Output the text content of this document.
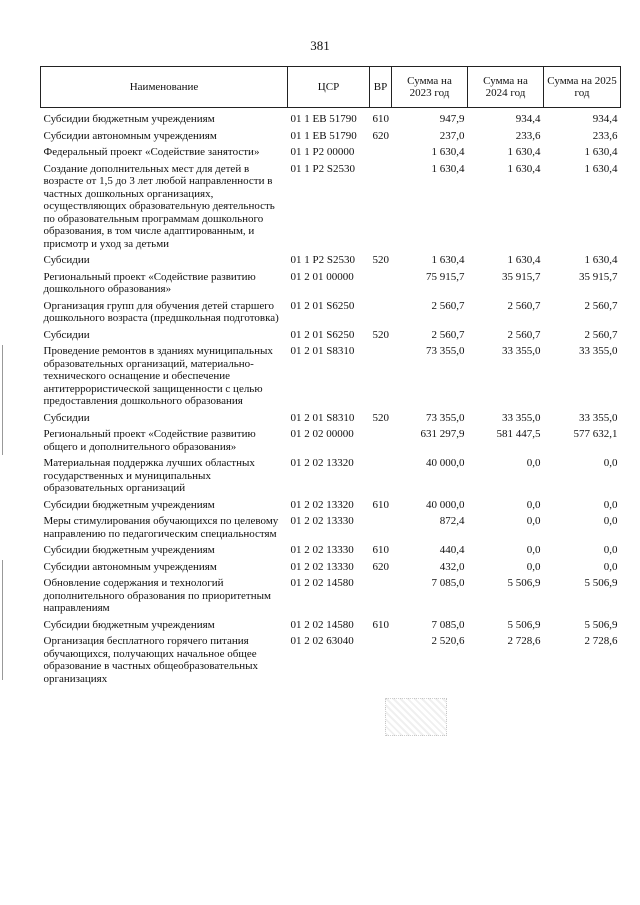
381
Наименование	ЦСР	ВР	Сумма на 2023 год	Сумма на 2024 год	Сумма на 2025 год
Субсидии бюджетным учреждениям	01 1 EB 51790	610	947,9	934,4	934,4
Субсидии автономным учреждениям	01 1 EB 51790	620	237,0	233,6	233,6
Федеральный проект «Содействие занятости»	01 1 P2 00000		1 630,4	1 630,4	1 630,4
Создание дополнительных мест для детей в возрасте от 1,5 до 3 лет любой направленности в частных дошкольных организациях, осуществляющих образовательную деятельность по образовательным программам дошкольного образования, в том числе адаптированным, и присмотр и уход за детьми	01 1 P2 S2530		1 630,4	1 630,4	1 630,4
Субсидии	01 1 P2 S2530	520	1 630,4	1 630,4	1 630,4
Региональный проект «Содействие развитию дошкольного образования»	01 2 01 00000		75 915,7	35 915,7	35 915,7
Организация групп для обучения детей старшего дошкольного возраста (предшкольная подготовка)	01 2 01 S6250		2 560,7	2 560,7	2 560,7
Субсидии	01 2 01 S6250	520	2 560,7	2 560,7	2 560,7
Проведение ремонтов в зданиях муниципальных образовательных организаций, материально-технического оснащение и обеспечение антитеррористической защищенности с целью предоставления дошкольного образования	01 2 01 S8310		73 355,0	33 355,0	33 355,0
Субсидии	01 2 01 S8310	520	73 355,0	33 355,0	33 355,0
Региональный проект «Содействие развитию общего и дополнительного образования»	01 2 02 00000		631 297,9	581 447,5	577 632,1
Материальная поддержка лучших областных государственных и муниципальных образовательных организаций	01 2 02 13320		40 000,0	0,0	0,0
Субсидии бюджетным учреждениям	01 2 02 13320	610	40 000,0	0,0	0,0
Меры стимулирования обучающихся по целевому направлению по педагогическим специальностям	01 2 02 13330		872,4	0,0	0,0
Субсидии бюджетным учреждениям	01 2 02 13330	610	440,4	0,0	0,0
Субсидии автономным учреждениям	01 2 02 13330	620	432,0	0,0	0,0
Обновление содержания и технологий дополнительного образования по приоритетным направлениям	01 2 02 14580		7 085,0	5 506,9	5 506,9
Субсидии бюджетным учреждениям	01 2 02 14580	610	7 085,0	5 506,9	5 506,9
Организация бесплатного горячего питания обучающихся, получающих начальное общее образование в частных общеобразовательных организациях	01 2 02 63040		2 520,6	2 728,6	2 728,6
